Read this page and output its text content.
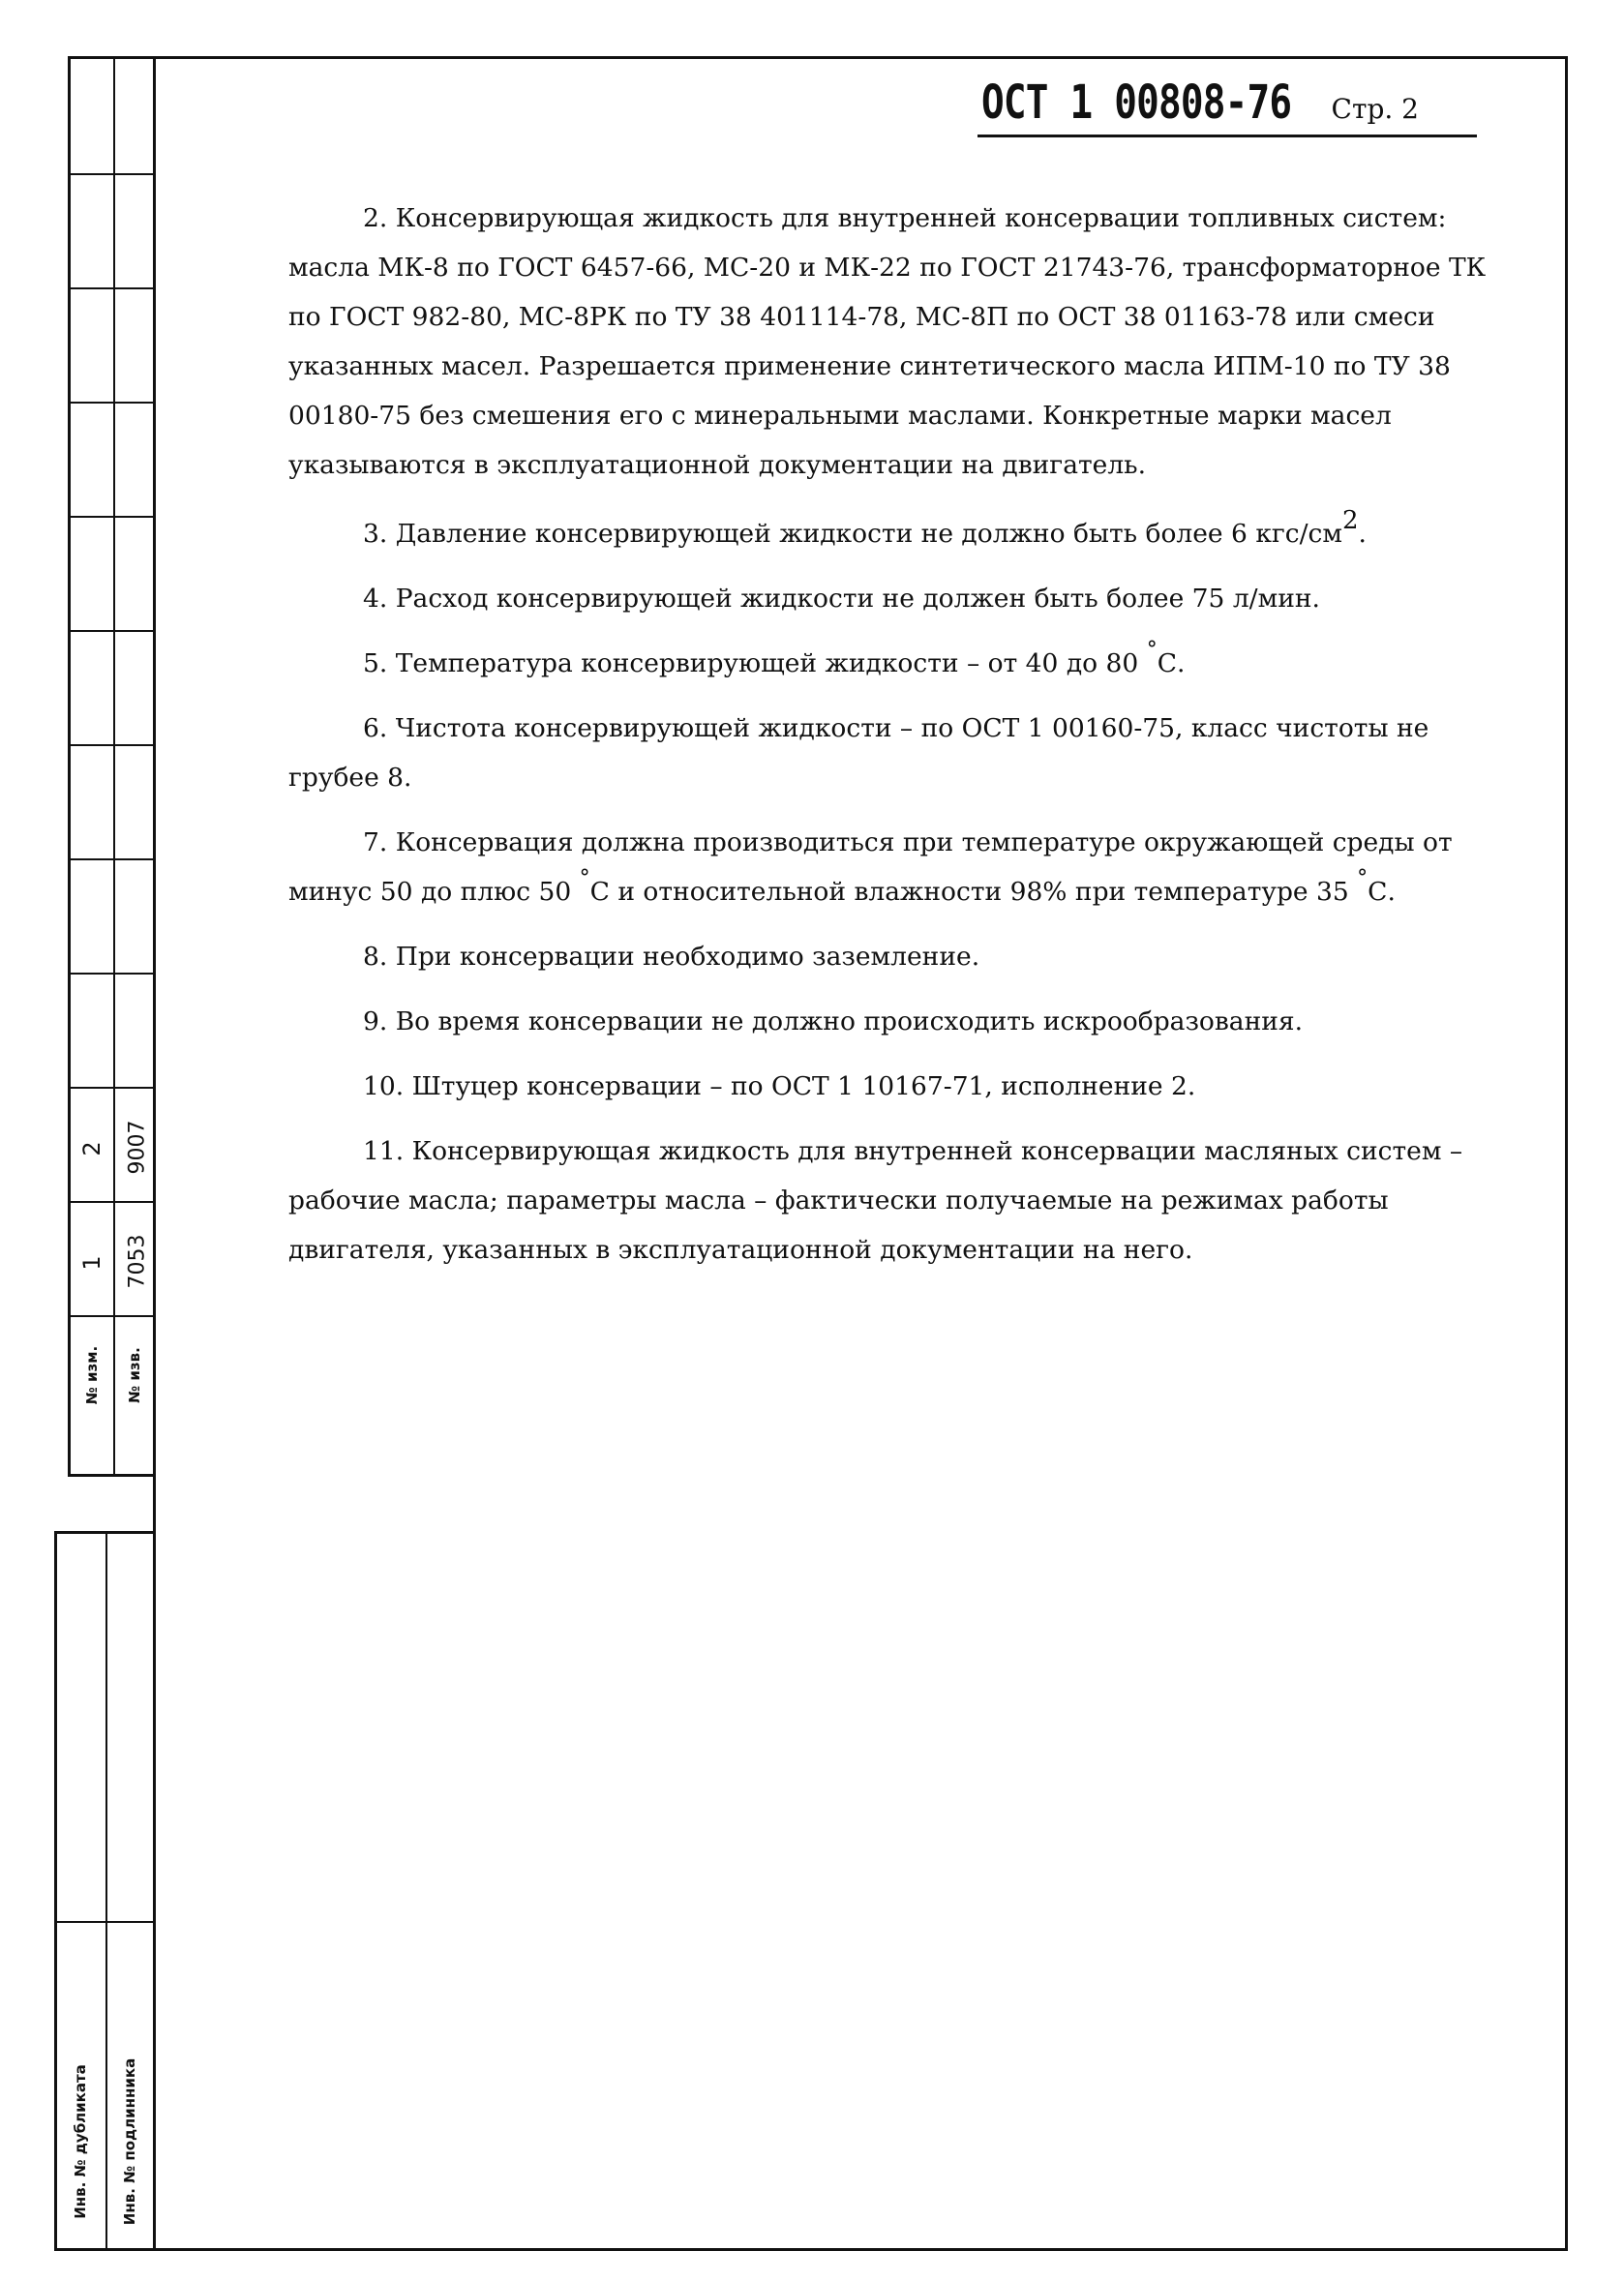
2
1
№ изм.
9007
7053
№ изв.
Инв. № дубликата Инв. № подлинника
ОСТ 1 00808-76 Стр. 2

2. Консервирующая жидкость для внутренней консервации топливных систем: масла МК-8 по ГОСТ 6457-66, МС-20 и МК-22 по ГОСТ 21743-76, трансформаторное ТК по ГОСТ 982-80, МС-8РК по ТУ 38 401114-78, МС-8П по ОСТ 38 01163-78 или смеси указанных масел. Разрешается применение синтетического масла ИПМ-10 по ТУ 38 00180-75 без смешения его с минеральными маслами. Конкретные марки масел указываются в эксплуатационной документации на двигатель.

3. Давление консервирующей жидкости не должно быть более 6 кгс/$см^2$.

4. Расход консервирующей жидкости не должен быть более 75 л/мин.

5. Температура консервирующей жидкости – от 40 до 80 °С.

6. Чистота консервирующей жидкости – по ОСТ 1 00160-75, класс чистоты не грубее 8.

7. Консервация должна производиться при температуре окружающей среды от минус 50 до плюс 50 °С и относительной влажности 98% при температуре 35 °С.

8. При консервации необходимо заземление.

9. Во время консервации не должно происходить искрообразования.

10. Штуцер консервации – по ОСТ 1 10167-71, исполнение 2.

11. Консервирующая жидкость для внутренней консервации масляных систем – рабочие масла; параметры масла – фактически получаемые на режимах работы двигателя, указанных в эксплуатационной документации на него.
